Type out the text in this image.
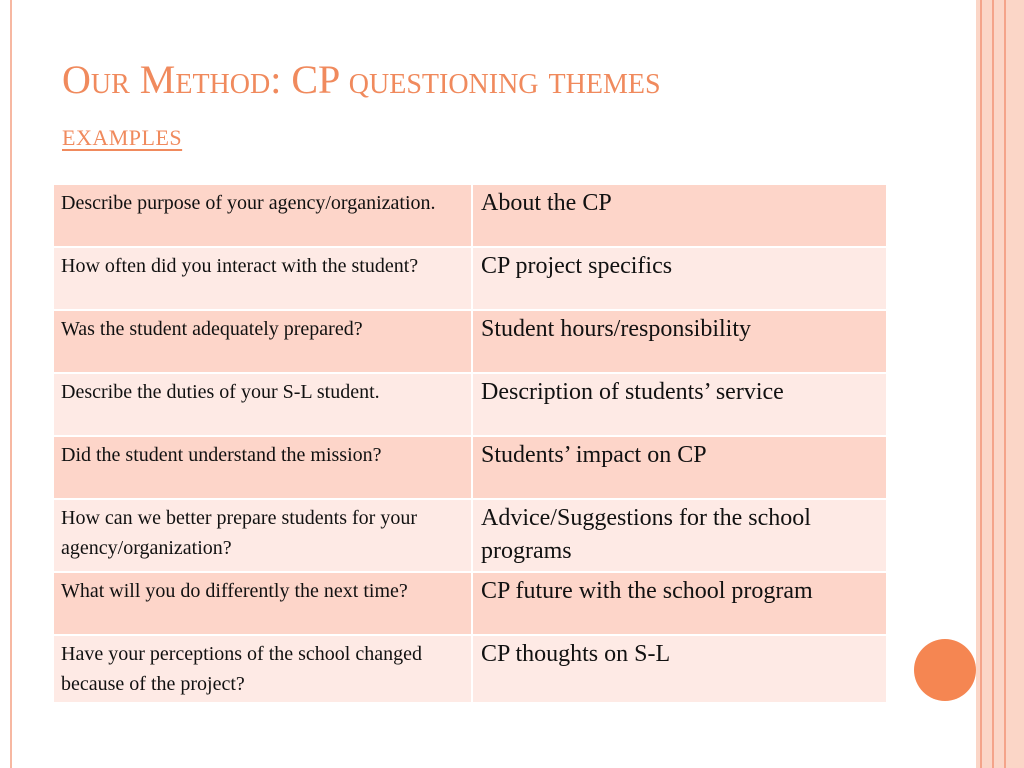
Our Method: CP questioning themes
examples
Describe purpose of your agency/organization.	About the CP
How often did you interact with the student?	CP project specifics
Was the student adequately prepared?	Student hours/responsibility
Describe the duties of your S-L student.	Description of students’ service
Did the student understand the mission?	Students’ impact on CP
How can we better prepare students for your agency/organization?	Advice/Suggestions for the school programs
What will you do differently the next time?	CP future with the school program
Have your perceptions of the school changed because of the project?	CP thoughts on S-L
